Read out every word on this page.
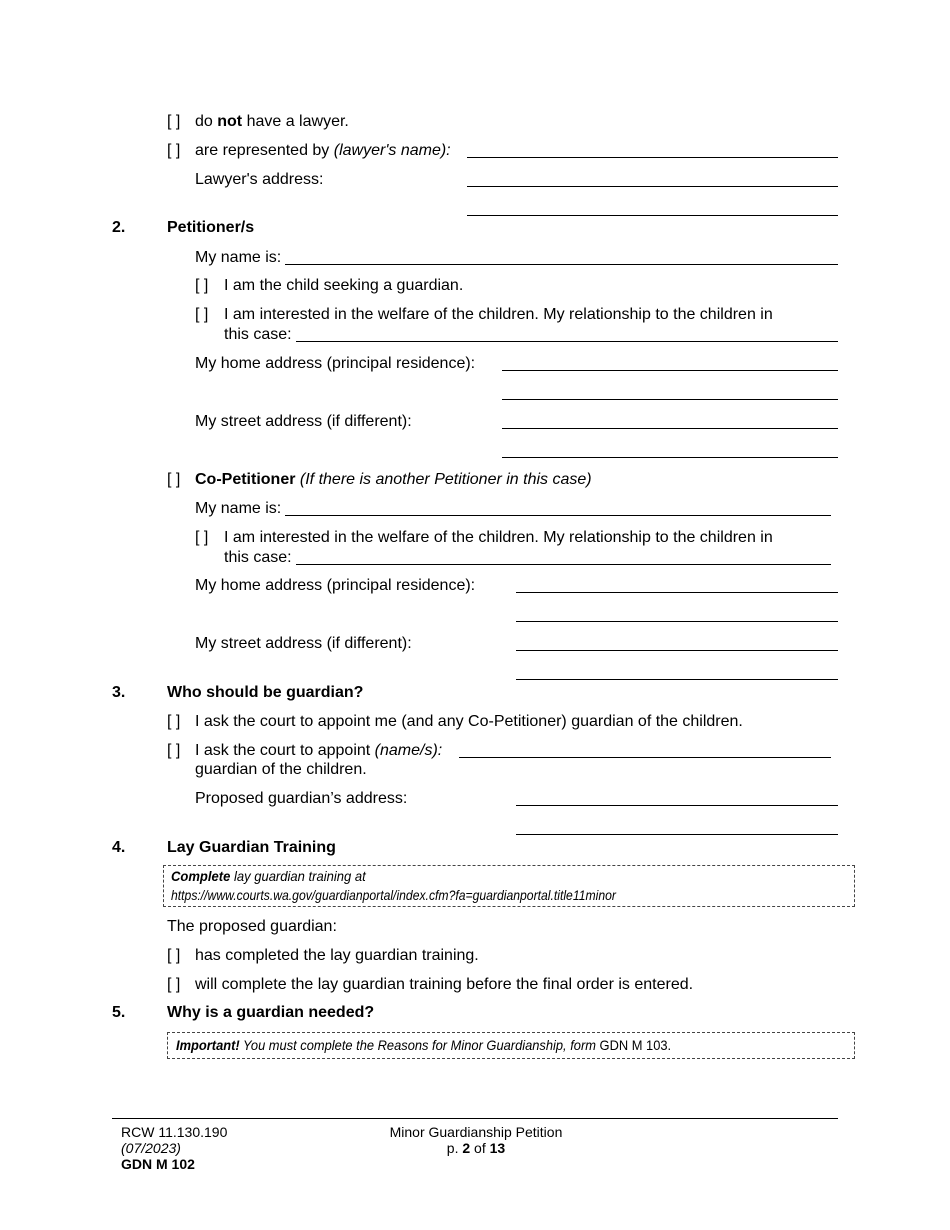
[ ] do not have a lawyer.
[ ] are represented by (lawyer's name):
Lawyer's address:
2.	Petitioner/s
My name is:
[ ] I am the child seeking a guardian.
[ ] I am interested in the welfare of the children. My relationship to the children in
this case:
My home address (principal residence):
My street address (if different):
[ ] Co-Petitioner (If there is another Petitioner in this case)
My name is:
[ ] I am interested in the welfare of the children. My relationship to the children in
this case:
My home address (principal residence):
My street address (if different):
3.	Who should be guardian?
[ ] I ask the court to appoint me (and any Co-Petitioner) guardian of the children.
[ ] I ask the court to appoint (name/s):
guardian of the children.
Proposed guardian’s address:
4.	Lay Guardian Training
Complete lay guardian training at
https://www.courts.wa.gov/guardianportal/index.cfm?fa=guardianportal.title11minor
The proposed guardian:
[ ] has completed the lay guardian training.
[ ] will complete the lay guardian training before the final order is entered.
5.	Why is a guardian needed?
Important! You must complete the Reasons for Minor Guardianship, form GDN M 103.
RCW 11.130.190
(07/2023)
GDN M 102
Minor Guardianship Petition
p. 2 of 13
